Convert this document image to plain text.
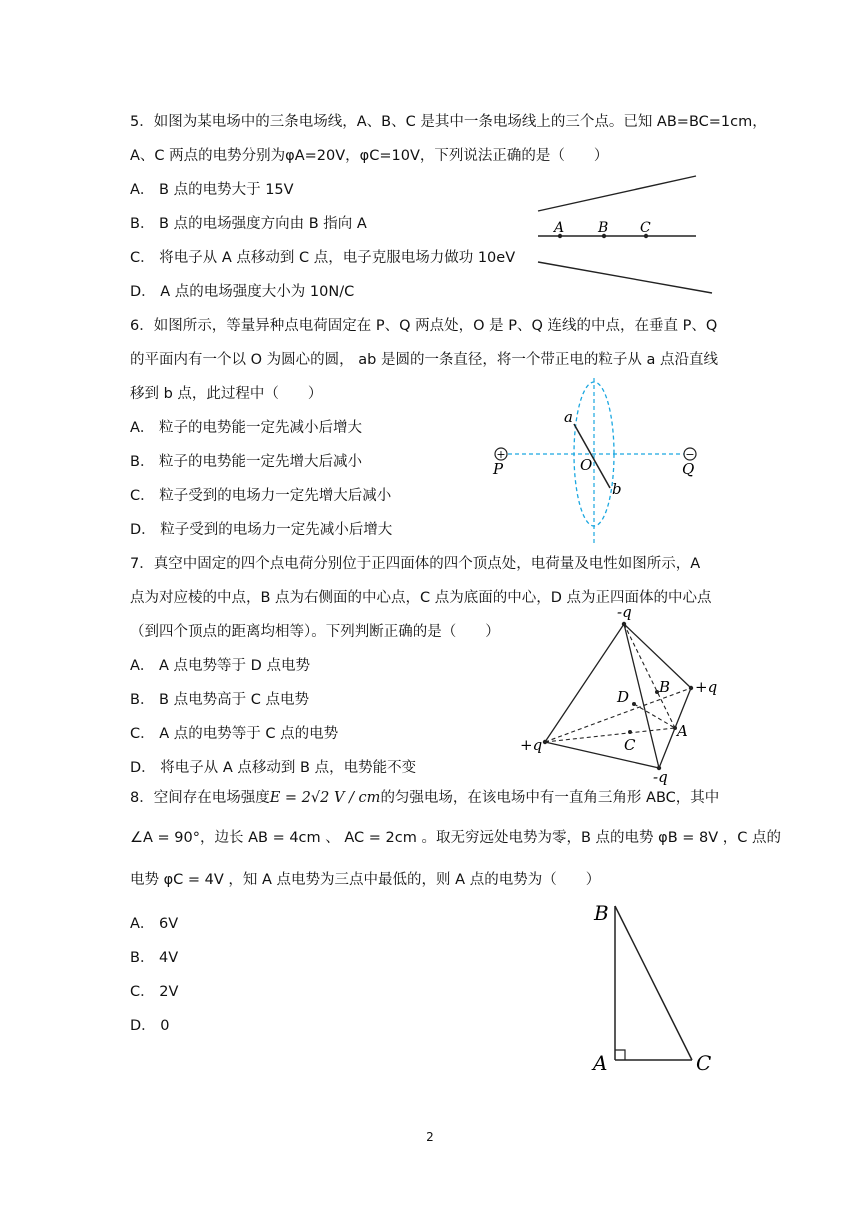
5．如图为某电场中的三条电场线，A、B、C 是其中一条电场线上的三个点。已知 AB=BC=1cm，
A、C 两点的电势分别为φA=20V，φC=10V，下列说法正确的是（　　）
A． B 点的电势大于 15V
B． B 点的电场强度方向由 B 指向 A
C． 将电子从 A 点移动到 C 点，电子克服电场力做功 10eV
D． A 点的电场强度大小为 10N/C
A B C
6．如图所示，等量异种点电荷固定在 P、Q 两点处，O 是 P、Q 连线的中点，在垂直 P、Q
的平面内有一个以 O 为圆心的圆， ab 是圆的一条直径，将一个带正电的粒子从 a 点沿直线
移到 b 点，此过程中（　　）
A． 粒子的电势能一定先减小后增大
B． 粒子的电势能一定先增大后减小
C． 粒子受到的电场力一定先增大后减小
D． 粒子受到的电场力一定先减小后增大
+	−
a
b
O
P	Q
7．真空中固定的四个点电荷分别位于正四面体的四个顶点处，电荷量及电性如图所示，A
点为对应棱的中点，B 点为右侧面的中心点，C 点为底面的中心，D 点为正四面体的中心点
（到四个顶点的距离均相等）。下列判断正确的是（　　）
A． A 点电势等于 D 点电势
B． B 点电势高于 C 点电势
C． A 点的电势等于 C 点的电势
D． 将电子从 A 点移动到 B 点，电势能不变
-q
+q
+q
-q
D
B
C
A
8．空间存在电场强度E = 2√2 V / cm的匀强电场，在该电场中有一直角三角形 ABC，其中
∠A = 90°，边长 AB = 4cm 、 AC = 2cm 。取无穷远处电势为零，B 点的电势 φB = 8V ，C 点的
电势 φC = 4V ，知 A 点电势为三点中最低的，则 A 点的电势为（　　）
A． 6V
B． 4V
C． 2V
D． 0
B
A	C
2
